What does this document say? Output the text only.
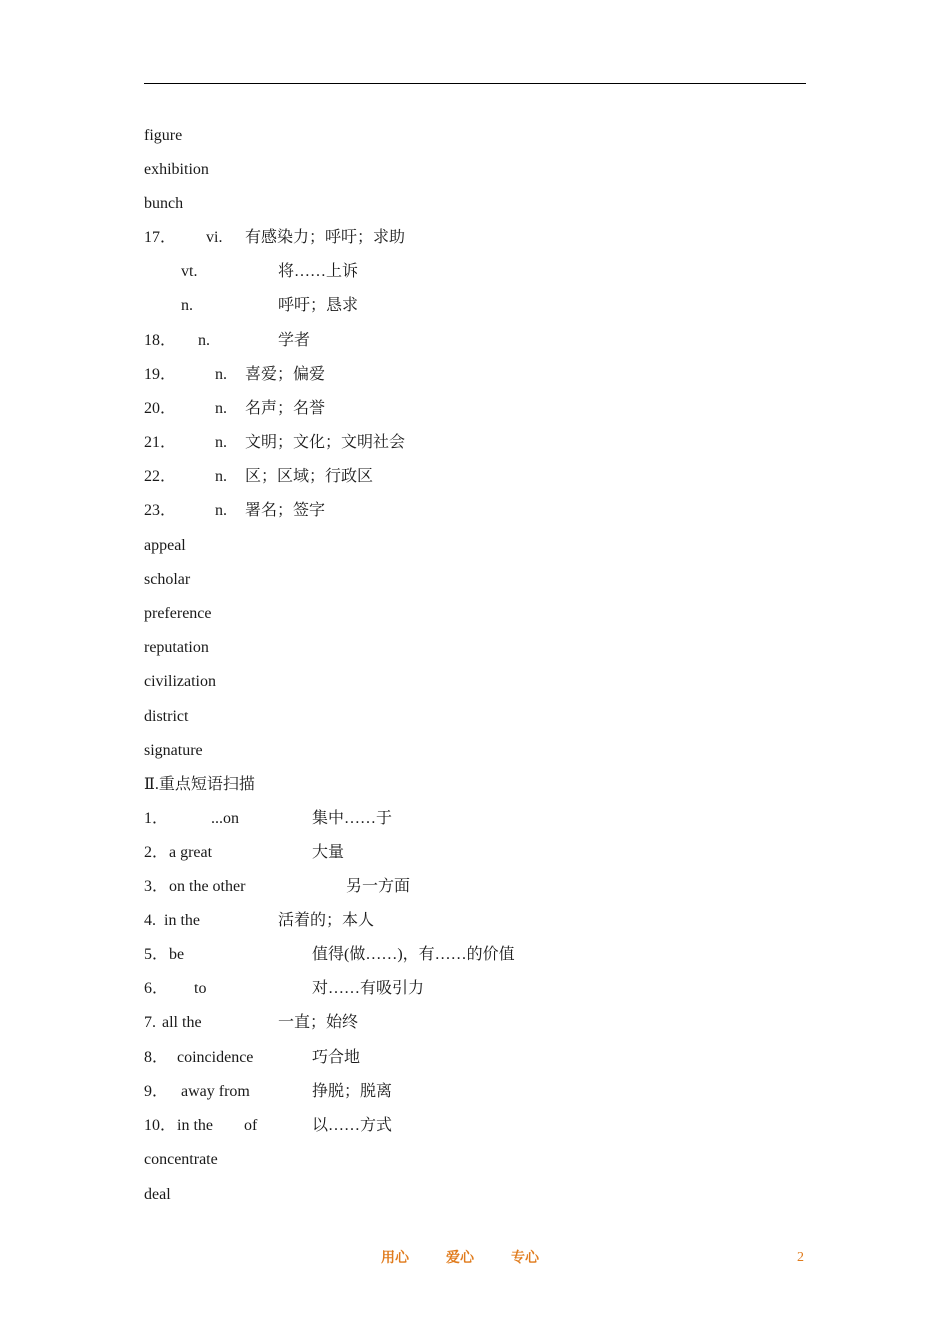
figure
exhibition
bunch
17． vi. 有感染力；呼吁；求助
vt.	将……上诉
n.	呼吁；恳求
18． n.	学者
19． n. 喜爱；偏爱
20． n. 名声；名誉
21． n. 文明；文化；文明社会
22． n. 区；区域；行政区
23． n. 署名；签字
appeal
scholar
preference
reputation
civilization
district
signature
Ⅱ.重点短语扫描
1．	...on	集中……于
2． a great	大量
3． on the other	另一方面
4. in the	活着的；本人
5． be	值得(做……)，有……的价值
6． to	对……有吸引力
7. all the	一直；始终
8． coincidence	巧合地
9． away from	挣脱；脱离
10． in the of	以……方式
concentrate
deal
用心	爱心	专心	2
